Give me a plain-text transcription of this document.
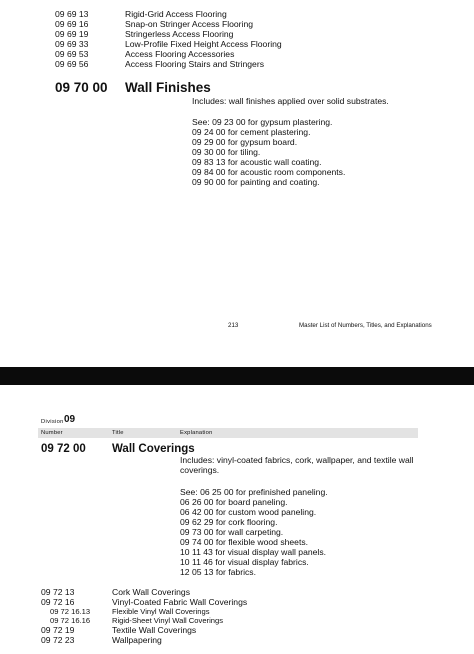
09 69 13	Rigid-Grid Access Flooring
09 69 16	Snap-on Stringer Access Flooring
09 69 19	Stringerless Access Flooring
09 69 33	Low-Profile Fixed Height Access Flooring
09 69 53	Access Flooring Accessories
09 69 56	Access Flooring Stairs and Stringers
09 70 00 Wall Finishes
Includes: wall finishes applied over solid substrates.
See: 09 23 00 for gypsum plastering.
09 24 00 for cement plastering.
09 29 00 for gypsum board.
09 30 00 for tiling.
09 83 13 for acoustic wall coating.
09 84 00 for acoustic room components.
09 90 00 for painting and coating.
213	Master List of Numbers, Titles, and Explanations
Division 09
Number	Title	Explanation
09 72 00 Wall Coverings
Includes: vinyl-coated fabrics, cork, wallpaper, and textile wall
coverings.
See: 06 25 00 for prefinished paneling.
06 26 00 for board paneling.
06 42 00 for custom wood paneling.
09 62 29 for cork flooring.
09 73 00 for wall carpeting.
09 74 00 for flexible wood sheets.
10 11 43 for visual display wall panels.
10 11 46 for visual display fabrics.
12 05 13 for fabrics.
09 72 13	Cork Wall Coverings
09 72 16	Vinyl-Coated Fabric Wall Coverings
09 72 16.13	Flexible Vinyl Wall Coverings
09 72 16.16	Rigid-Sheet Vinyl Wall Coverings
09 72 19	Textile Wall Coverings
09 72 23	Wallpapering
